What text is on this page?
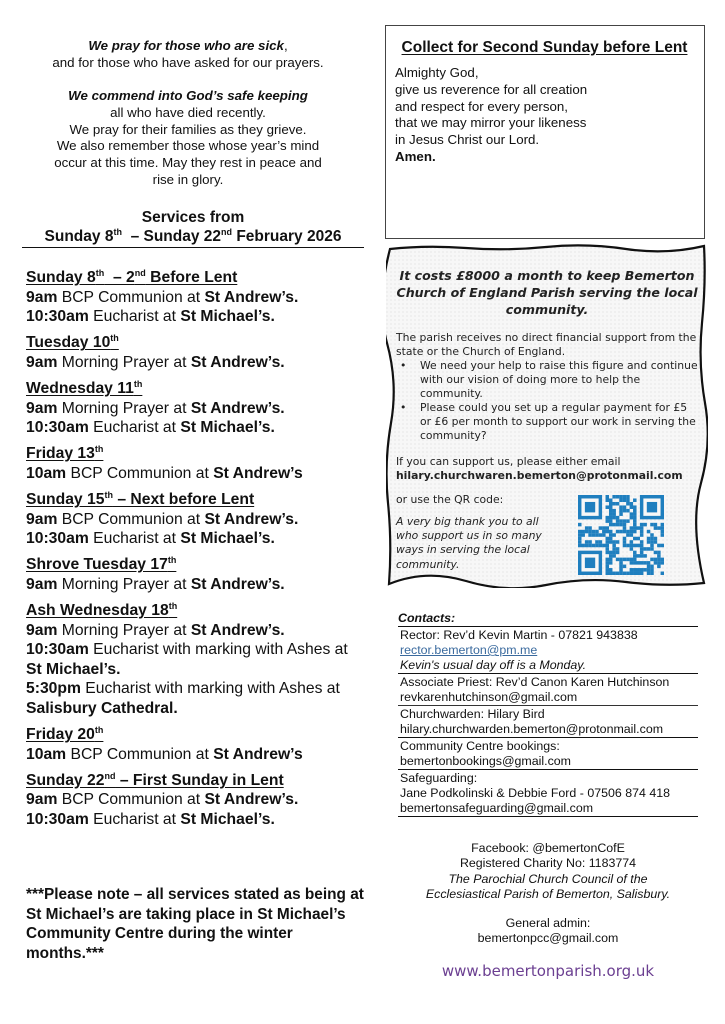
We pray for those who are sick,
and for those who have asked for our prayers.

We commend into God’s safe keeping
all who have died recently.
We pray for their families as they grieve.
We also remember those whose year’s mind
occur at this time. May they rest in peace and
rise in glory.

Services from
Sunday 8th  – Sunday 22nd February 2026
Sunday 8th  – 2nd Before Lent
9am BCP Communion at St Andrew’s.
10:30am Eucharist at St Michael’s.
Tuesday 10th
9am Morning Prayer at St Andrew’s.
Wednesday 11th
9am Morning Prayer at St Andrew’s.
10:30am Eucharist at St Michael’s.
Friday 13th
10am BCP Communion at St Andrew’s
Sunday 15th – Next before Lent
9am BCP Communion at St Andrew’s.
10:30am Eucharist at St Michael’s.
Shrove Tuesday 17th
9am Morning Prayer at St Andrew’s.
Ash Wednesday 18th
9am Morning Prayer at St Andrew’s.
10:30am Eucharist with marking with Ashes at St Michael’s.
5:30pm Eucharist with marking with Ashes at Salisbury Cathedral.
Friday 20th
10am BCP Communion at St Andrew’s
Sunday 22nd – First Sunday in Lent
9am BCP Communion at St Andrew’s.
10:30am Eucharist at St Michael’s.
***Please note – all services stated as being at St Michael’s are taking place in St Michael’s Community Centre during the winter months.***
Collect for Second Sunday before Lent
Almighty God,
give us reverence for all creation
and respect for every person,
that we may mirror your likeness
in Jesus Christ our Lord.
Amen.
It costs £8000 a month to keep Bemerton Church of England Parish serving the local community.
The parish receives no direct financial support from the state or the Church of England.
• We need your help to raise this figure and continue with our vision of doing more to help the community.
• Please could you set up a regular payment for £5 or £6 per month to support our work in serving the community?
If you can support us, please either email
hilary.churchwaren.bemerton@protonmail.com
or use the QR code:
A very big thank you to all who support us in so many ways in serving the local community.
Contacts:
Rector: Rev’d Kevin Martin - 07821 943838
rector.bemerton@pm.me
Kevin's usual day off is a Monday.
Associate Priest: Rev’d Canon Karen Hutchinson
revkarenhutchinson@gmail.com
Churchwarden: Hilary Bird
hilary.churchwarden.bemerton@protonmail.com
Community Centre bookings:
bemertonbookings@gmail.com
Safeguarding:
Jane Podkolinski & Debbie Ford - 07506 874 418
bemertonsafeguarding@gmail.com
Facebook: @bemertonCofE
Registered Charity No: 1183774
The Parochial Church Council of the
Ecclesiastical Parish of Bemerton, Salisbury.
General admin:
bemertonpcc@gmail.com
www.bemertonparish.org.uk
